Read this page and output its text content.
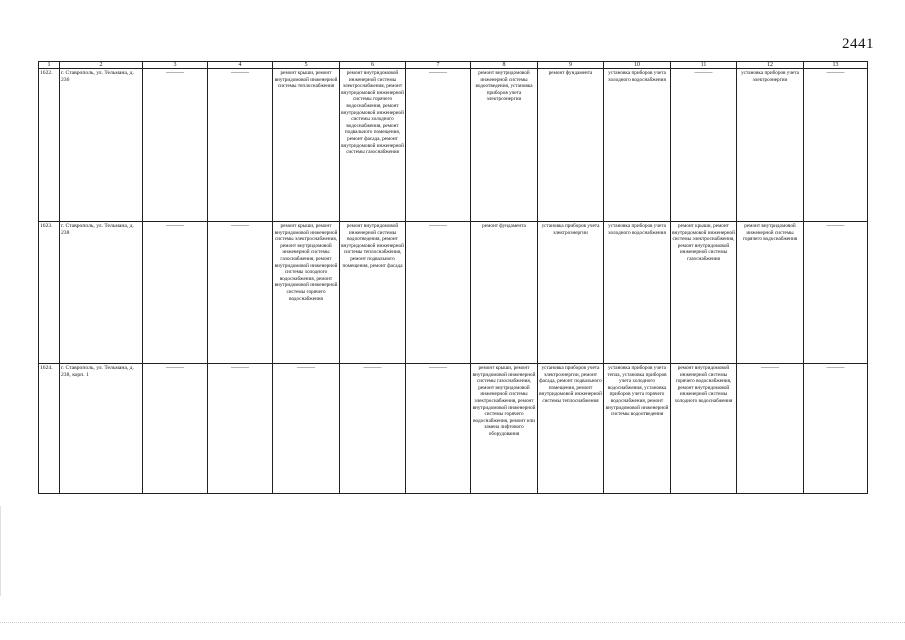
2441
1	2	3	4	5	6	7	8	9	10	11	12	13
1622.	г. Ставрополь, ул. Тельмана, д. 236	———	———	ремонт крыши, ремонт внутридомовой инженерной системы теплоснабжения	ремонт внутридомовой инженерной системы электроснабжения, ремонт внутридомовой инженерной системы горячего водоснабжения, ремонт внутридомовой инженерной системы холодного водоснабжения, ремонт подвального помещения, ремонт фасада, ремонт внутридомовой инженерной системы газоснабжения	———	ремонт внутридомовой инженерной системы водоотведения, установка приборов учета электроэнергии	ремонт фундамента	установка приборов учета холодного водоснабжения	———	установка приборов учета электроэнергии	———
1623.	г. Ставрополь, ул. Тельмана, д. 238	———	———	ремонт крыши, ремонт внутридомовой инженерной системы электроснабжения, ремонт внутридомовой инженерной системы газоснабжения, ремонт внутридомовой инженерной системы холодного водоснабжения, ремонт внутридомовой инженерной системы горячего водоснабжения	ремонт внутридомовой инженерной системы водоотведения, ремонт внутридомовой инженерной системы теплоснабжения, ремонт подвального помещения, ремонт фасада	———	ремонт фундамента	установка приборов учета электроэнергии	установка приборов учета холодного водоснабжения	ремонт крыши, ремонт внутридомовой инженерной системы электроснабжения, ремонт внутридомовой инженерной системы газоснабжения	ремонт внутридомовой инженерной системы горячего водоснабжения	———
1624.	г. Ставрополь, ул. Тельмана, д. 238, корп. 1	———	———	———	———	———	ремонт крыши, ремонт внутридомовой инженерной системы газоснабжения, ремонт внутридомовой инженерной системы электроснабжения, ремонт внутридомовой инженерной системы горячего водоснабжения, ремонт или замена лифтового оборудования	установка приборов учета электроэнергии, ремонт фасада, ремонт подвального помещения, ремонт внутридомовой инженерной системы теплоснабжения	установка приборов учета тепла, установка приборов учета холодного водоснабжения, установка приборов учета горячего водоснабжения, ремонт внутридомовой инженерной системы водоотведения	ремонт внутридомовой инженерной системы горячего водоснабжения, ремонт внутридомовой инженерной системы холодного водоснабжения	———	———
